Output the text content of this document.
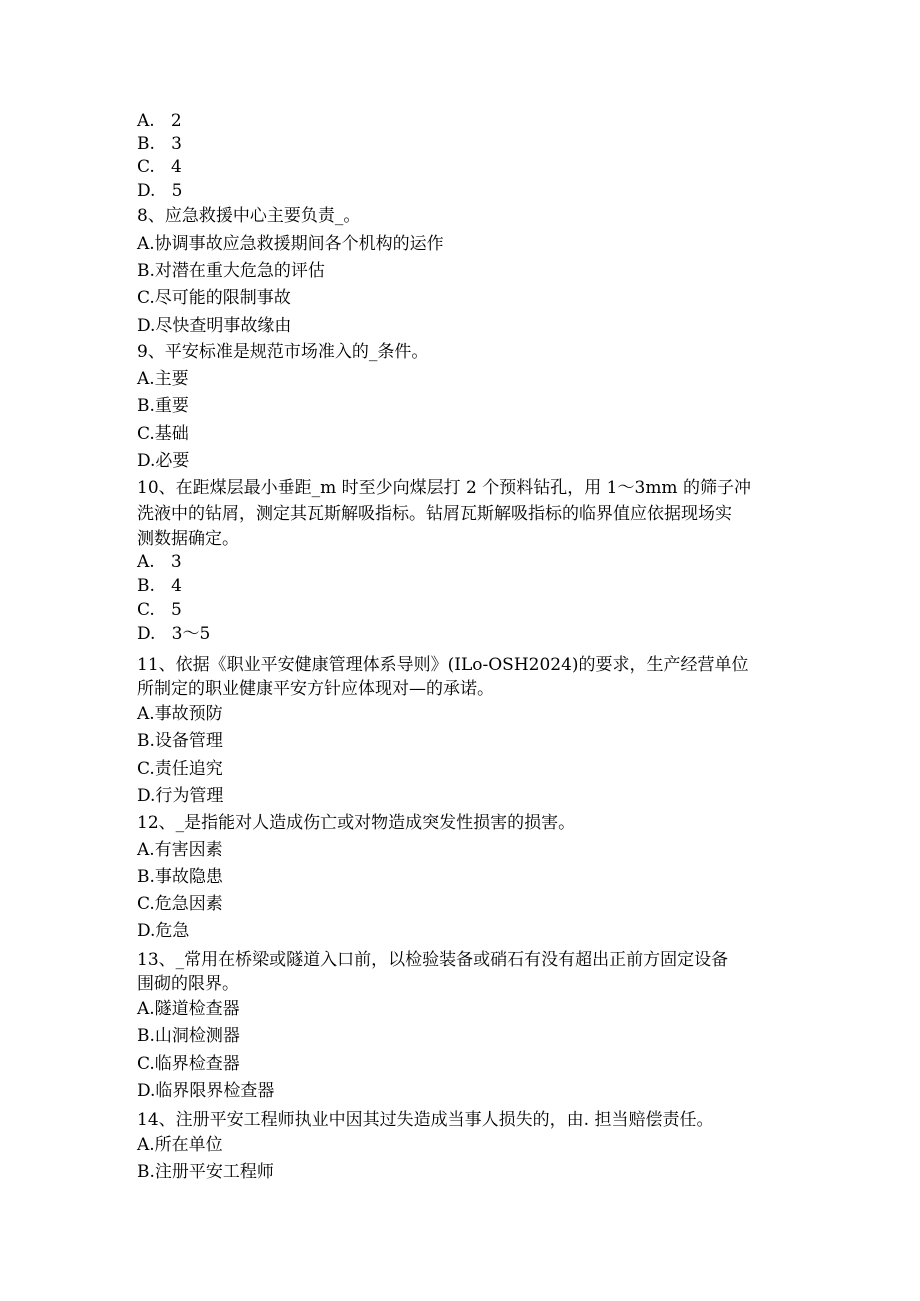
A.   2
B.   3
C.   4
D.   5
8、应急救援中心主要负责_。
A.协调事故应急救援期间各个机构的运作
B.对潜在重大危急的评估
C.尽可能的限制事故
D.尽快查明事故缘由
9、平安标准是规范市场准入的_条件。
A.主要
B.重要
C.基础
D.必要
10、在距煤层最小垂距_m 时至少向煤层打 2 个预料钻孔，用 1～3mm 的筛子冲
洗液中的钻屑，测定其瓦斯解吸指标。钻屑瓦斯解吸指标的临界值应依据现场实
测数据确定。
A.   3
B.   4
C.   5
D.   3～5
11、依据《职业平安健康管理体系导则》(ILo-OSH2024)的要求，生产经营单位
所制定的职业健康平安方针应体现对—的承诺。
A.事故预防
B.设备管理
C.责任追究
D.行为管理
12、_是指能对人造成伤亡或对物造成突发性损害的损害。
A.有害因素
B.事故隐患
C.危急因素
D.危急
13、_常用在桥梁或隧道入口前，以检验装备或硝石有没有超出正前方固定设备
围砌的限界。
A.隧道检查器
B.山洞检测器
C.临界检查器
D.临界限界检查器
14、注册平安工程师执业中因其过失造成当事人损失的，由. 担当赔偿责任。
A.所在单位
B.注册平安工程师
